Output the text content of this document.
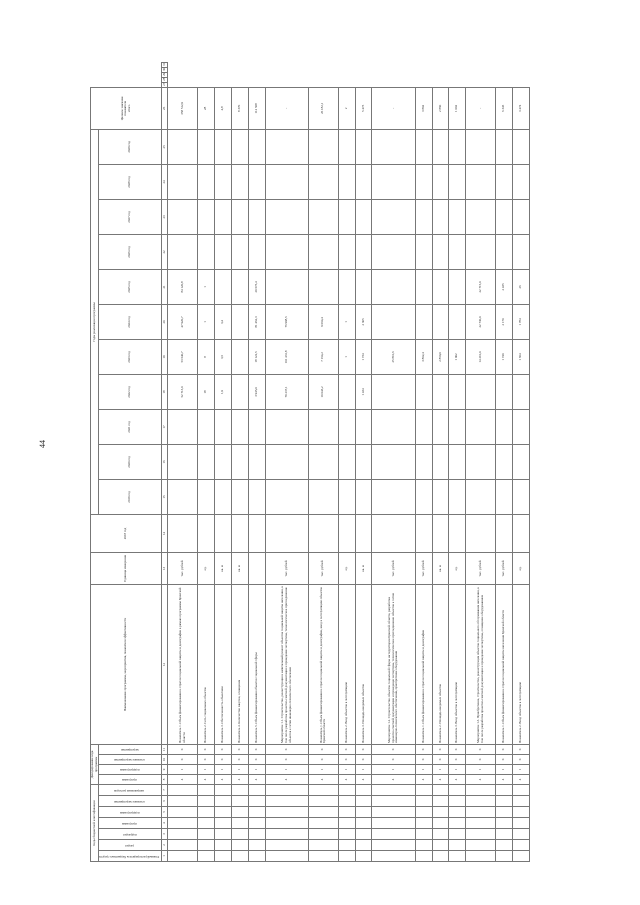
44
Коды бюджетной классификации							Декодирование кода программы				Наименование программы, мероприятия, показателя эффективности	Единица измерения	2018 год	Годы реализации программы											Целевое значение показателя итого					

Главный распорядитель бюджетных средств	раздел	подраздел	программа	подпрограмма	основное мероприятие	направление расходов	программа	подпрограмма	основное мероприятие	мероприятие				2019 год	2020 год	2021 год	2022 год	2023 год	2024 год	2025 год	2026 год	2027 год	2028 год	2029 год						
1	2	3	4	5	6	7	8	9	10	11	12	13	14	15	16	17	18	19	20	21	22	23	24	25	26	27	28	29	30	31
							4	1	0	0	Показатель 1. Объем финансирования в отрасли социальной защиты и демографии в рамках программы Брянской области	тыс. рублей					52 713,0	53 640,7	47 920,7	84 120,8					358 512,9					
							4	1	0	0	Показатель 2. Сеть социальных объектов	ед.					18	8	1	1					28					
							4	1	0	0	Показатель 3. Обеспеченность объектами	кв. м					1,9	3,5	3,4						4,8					
							4	1	0	0	Показатель 4. Количество закупок, оснащения	кв. м													8 370					
							4	1	0	0	Показатель 5. Объем финансирования объектов социальной сферы						3 945,0	18 122,5	81 462,3	20 673,4					112 508					
							4	1	0	0	Мероприятие 1.1. Строительство, реконструкция и капитальный ремонт объектов социальной защиты населения, в том числе разработка проектно-сметной документации и проведение экспертизы, технологическое присоединение объектов к сетям инженерно-технического обеспечения	тыс. рублей					79 237,1	101 431,8	76 908,5						-					
							4	1	0	0	Показатель 1. Объем финансирования в отрасли социальной защиты и демографии, ввод в эксплуатацию объектов Брянской области	тыс. рублей					10 043,2	7 164,2	9 064,4						26 182,1					
							4	1	0	0	Показатель 2. Ввод объектов в эксплуатацию	ед.						1	1						2					
							4	1	0	0	Показатель 3. Площадь вводимых объектов	кв. м					1 434	1 734	2 305						5 473					
							4	1	0	0	Мероприятие 1.2. Строительство объектов социальной сферы на территории Брянской области, разработка проектно-сметной документации и проведение экспертизы, технологическое присоединение объектов к сетям инженерно-технического обеспечения, приобретение оборудования	тыс. рублей						25 810,6							-					
							4	1	0	0	Показатель 1. Объем финансирования в отрасли социальной защиты и демографии	тыс. рублей						3 802,4							3 802					
							4	1	0	0	Показатель 2. Площадь вводимых объектов	кв. м						2 860,0							2 860					
							4	1	0	0	Показатель 3. Ввод объектов в эксплуатацию	ед.						1 002							1 002					
							4	1	0	0	Мероприятие 1.3. Приобретение, строительство, реконструкция объектов социального обслуживания населения, в том числе разработка проектно-сметной документации и проведение экспертизы, оснащение оборудованием	тыс. рублей						14 210,0	22 730,0	22 715,0					-					
							4	1	0	0	Показатель 1. Объем финансирования в отрасли социальной защиты населения Брянской области	тыс. рублей						1 740	2 170	2 435					6 345					
							4	1	0	0	Показатель 2. Ввод объектов в эксплуатацию	ед.						1 664	1 784	26					3 474					
